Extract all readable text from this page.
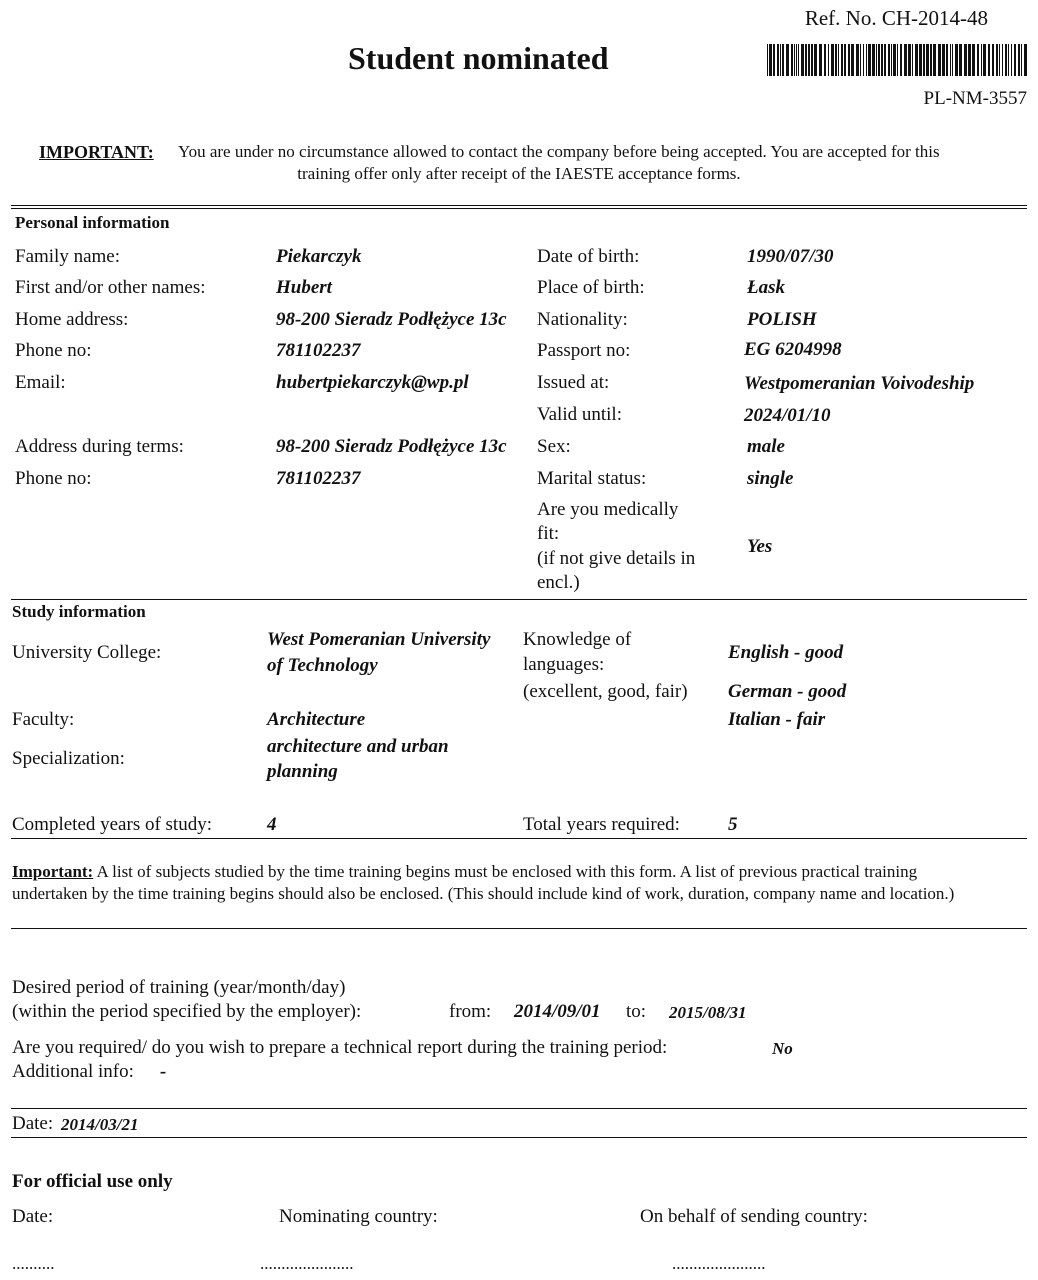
Ref. No. CH-2014-48
Student nominated
PL-NM-3557
IMPORTANT: You are under no circumstance allowed to contact the company before being accepted. You are accepted for this
training offer only after receipt of the IAESTE acceptance forms.
Personal information
Family name:	Piekarczyk
First and/or other names:	Hubert
Home address:	98-200 Sieradz Podłężyce 13c
Phone no:	781102237
Email:	hubertpiekarczyk@wp.pl
Address during terms:	98-200 Sieradz Podłężyce 13c
Phone no:	781102237
Date of birth:	1990/07/30
Place of birth:	Łask
Nationality:	POLISH
Passport no:	EG 6204998
Issued at:	Westpomeranian Voivodeship
Valid until:	2024/01/10
Sex:	male
Marital status:	single
Are you medically
fit:
(if not give details in
encl.)
Yes
Study information
University College:
West Pomeranian University
of Technology
Faculty:	Architecture
Specialization:
architecture and urban
planning
Completed years of study:	4
Knowledge of
languages:
(excellent, good, fair)
English - good
German - good
Italian - fair
Total years required:	5
Important: A list of subjects studied by the time training begins must be enclosed with this form. A list of previous practical training
undertaken by the time training begins should also be enclosed. (This should include kind of work, duration, company name and location.)
Desired period of training (year/month/day)
(within the period specified by the employer):	from: 2014/09/01 to: 2015/08/31
Are you required/ do you wish to prepare a technical report during the training period:	No
Additional info: -
Date: 2014/03/21
For official use only
Date:	Nominating country:	On behalf of sending country:
..........	......................	......................
